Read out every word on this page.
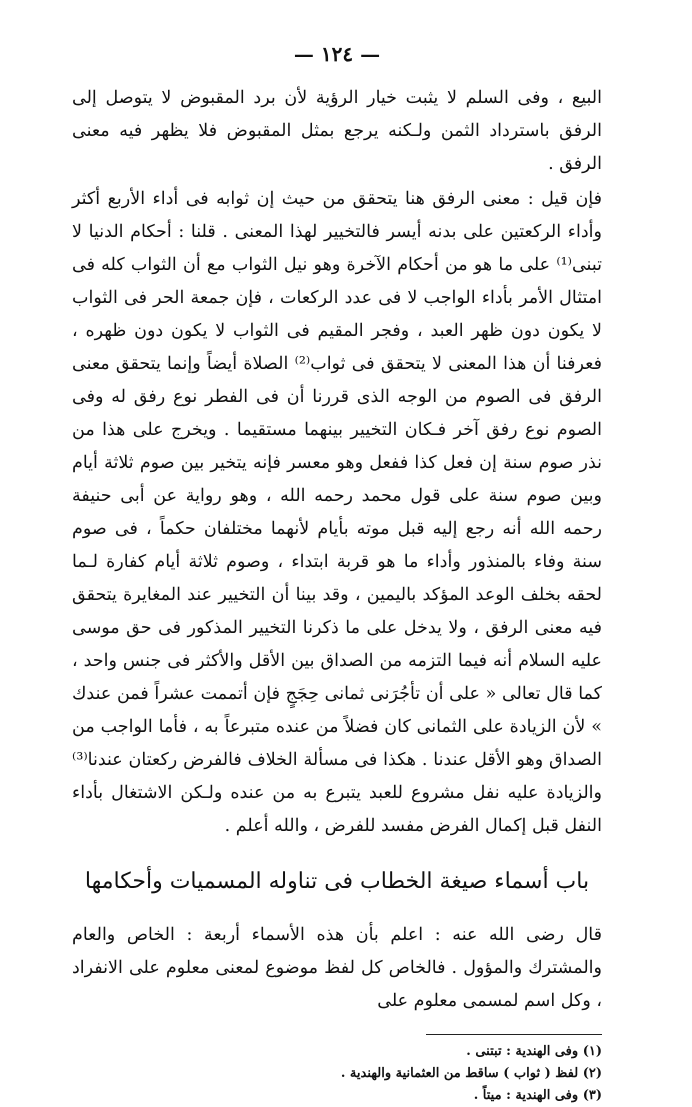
— ١٢٤ —

البيع ، وفى السلم لا يثبت خيار الرؤية لأن برد المقبوض لا يتوصل إلى الرفق باسترداد الثمن ولـكنه يرجع بمثل المقبوض فلا يظهر فيه معنى الرفق .

فإن قيل : معنى الرفق هنا يتحقق من حيث إن ثوابه فى أداء الأربع أكثر وأداء الركعتين على بدنه أيسر فالتخيير لهذا المعنى . قلنا : أحكام الدنيا لا تبنى⁽¹⁾ على ما هو من أحكام الآخرة وهو نيل الثواب مع أن الثواب كله فى امتثال الأمر بأداء الواجب لا فى عدد الركعات ، فإن جمعة الحر فى الثواب لا يكون دون ظهر العبد ، وفجر المقيم فى الثواب لا يكون دون ظهره ، فعرفنا أن هذا المعنى لا يتحقق فى ثواب⁽²⁾ الصلاة أيضاً وإنما يتحقق معنى الرفق فى الصوم من الوجه الذى قررنا أن فى الفطر نوع رفق له وفى الصوم نوع رفق آخر فـكان التخيير بينهما مستقيما . ويخرج على هذا من نذر صوم سنة إن فعل كذا ففعل وهو معسر فإنه يتخير بين صوم ثلاثة أيام وبين صوم سنة على قول محمد رحمه الله ، وهو رواية عن أبى حنيفة رحمه الله أنه رجع إليه قبل موته بأيام لأنهما مختلفان حكماً ، فى صوم سنة وفاء بالمنذور وأداء ما هو قربة ابتداء ، وصوم ثلاثة أيام كفارة لـما لحقه بخلف الوعد المؤكد باليمين ، وقد بينا أن التخيير عند المغايرة يتحقق فيه معنى الرفق ، ولا يدخل على ما ذكرنا التخيير المذكور فى حق موسى عليه السلام أنه فيما التزمه من الصداق بين الأقل والأكثر فى جنس واحد ، كما قال تعالى « على أن تأجُرَنى ثمانى حِجَجٍ فإن أتممت عشراً فمن عندك » لأن الزيادة على الثمانى كان فضلاً من عنده متبرعاً به ، فأما الواجب من الصداق وهو الأقل عندنا . هكذا فى مسألة الخلاف فالفرض ركعتان عندنا⁽³⁾ والزيادة عليه نفل مشروع للعبد يتبرع به من عنده ولـكن الاشتغال بأداء النفل قبل إكمال الفرض مفسد للفرض ، والله أعلم .

باب أسماء صيغة الخطاب فى تناوله المسميات وأحكامها

قال رضى الله عنه : اعلم بأن هذه الأسماء أربعة : الخاص والعام والمشترك والمؤول . فالخاص كل لفظ موضوع لمعنى معلوم على الانفراد ، وكل اسم لمسمى معلوم على

(١) وفى الهندية : تبتنى .

(٢) لفظ ( ثواب ) ساقط من العثمانية والهندية .

(٣) وفى الهندية : ميتاً .
